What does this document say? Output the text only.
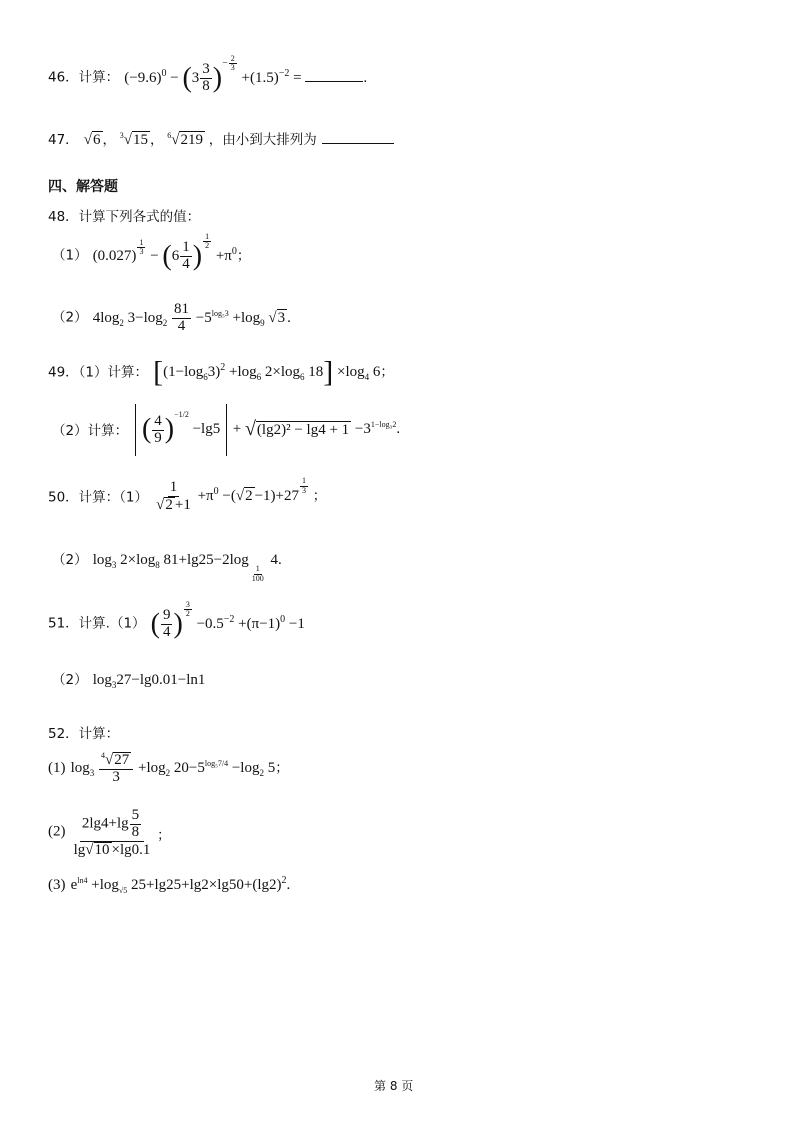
46．计算： $(-9.6)^0 - (3 \frac{3}{8} )^{- \frac{2}{3}}$
$+(1.5)^{-2}$ =	.
47． √6 ， $^3$√15 ， $^6$√219 ，由小到大排列为
四、解答题
48．计算下列各式的值：
（1） (0.027) $^{\frac{1}{3}} - (6 \frac{1}{4}$ ) $^{\frac{1}{2}}$
$+\pi^0$；
（2） $4\log_2$ $3-\log_2 \frac{81}{4} -5^{log_53} +\log_9$ √3 .
49．（1）计算： [$(1-\log_63)^2 +\log_6$ $2\times\log_6$ $18] \times\log_4$ 6；
（2）计算： ( $\frac{4}{9} )^{-1/2} -\lg 5 + √(\lg 2)^2 - \lg 4 + 1 -3^{1-log_32}$.
50．计算：$(1) \frac{1}{√2 +1} +\pi^0 -(√2 -1)+27$
$^{\frac{1}{3}}$
；
（2） $\log_3 2\times\log_8$ 81+lg25−2log
$_{\frac{1}{100}}$
4.
51．计算.（1） ( $\frac{9}{4}$ ) $^{\frac{3}{2}}$
$-0.5^{-2} +(\pi-1)^0 -1$
（2） $\log_327-\lg 0.01-\ln 1$
52．计算：
(1) $\log_3 \frac{^4√27}{3} +\log_2$ $20-5^{log_57/4} -\log_2$ 5；
$(2) \frac{2\lg 4+\lg \frac{5}{8}}{\lg√10 \times\lg 0.1}$ ；
(3) $e^{ln4} +\log_{√5}$ $25+\lg 25+\lg 2\times\lg 50+(\lg 2)^2$.
第 8 页
